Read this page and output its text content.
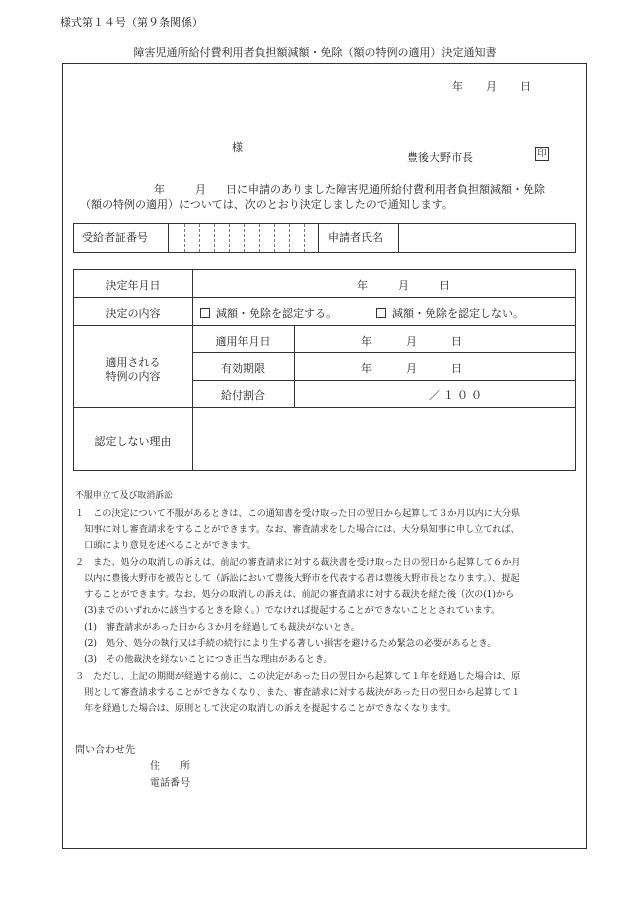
様式第１４号（第９条関係）
障害児通所給付費利用者負担額減額・免除（額の特例の適用）決定通知書
年 月 日
様
豊後大野市長	印
年	月 日に申請のありました障害児通所給付費利用者負担額減額・免除
（額の特例の適用）については、次のとおり決定しましたので通知します。
受給者証番号	申請者氏名
決定年月日	年	月	日
決定の内容	減額・免除を認定する。	減額・免除を認定しない。
適用される
特例の内容
適用年月日	年	月	日
有効期限	年	月	日
給付割合	／１００
認定しない理由
不服申立て及び取消訴訟
１　この決定について不服があるときは、この通知書を受け取った日の翌日から起算して３か月以内に大分県
　知事に対し審査請求をすることができます。なお、審査請求をした場合には、大分県知事に申し立てれば、
　口頭により意見を述べることができます。
２　また、処分の取消しの訴えは、前記の審査請求に対する裁決書を受け取った日の翌日から起算して６か月
　以内に豊後大野市を被告として（訴訟において豊後大野市を代表する者は豊後大野市長となります。）、提起
　することができます。なお、処分の取消しの訴えは、前記の審査請求に対する裁決を経た後（次の(1)から
　(3)までのいずれかに該当するときを除く。）でなければ提起することができないこととされています。
　(1)　審査請求があった日から３か月を経過しても裁決がないとき。
　(2)　処分、処分の執行又は手続の続行により生ずる著しい損害を避けるため緊急の必要があるとき。
　(3)　その他裁決を経ないことにつき正当な理由があるとき。
３　ただし、上記の期間が経過する前に、この決定があった日の翌日から起算して１年を経過した場合は、原
　則として審査請求することができなくなり、また、審査請求に対する裁決があった日の翌日から起算して１
　年を経過した場合は、原則として決定の取消しの訴えを提起することができなくなります。
問い合わせ先
住　　所
電話番号
